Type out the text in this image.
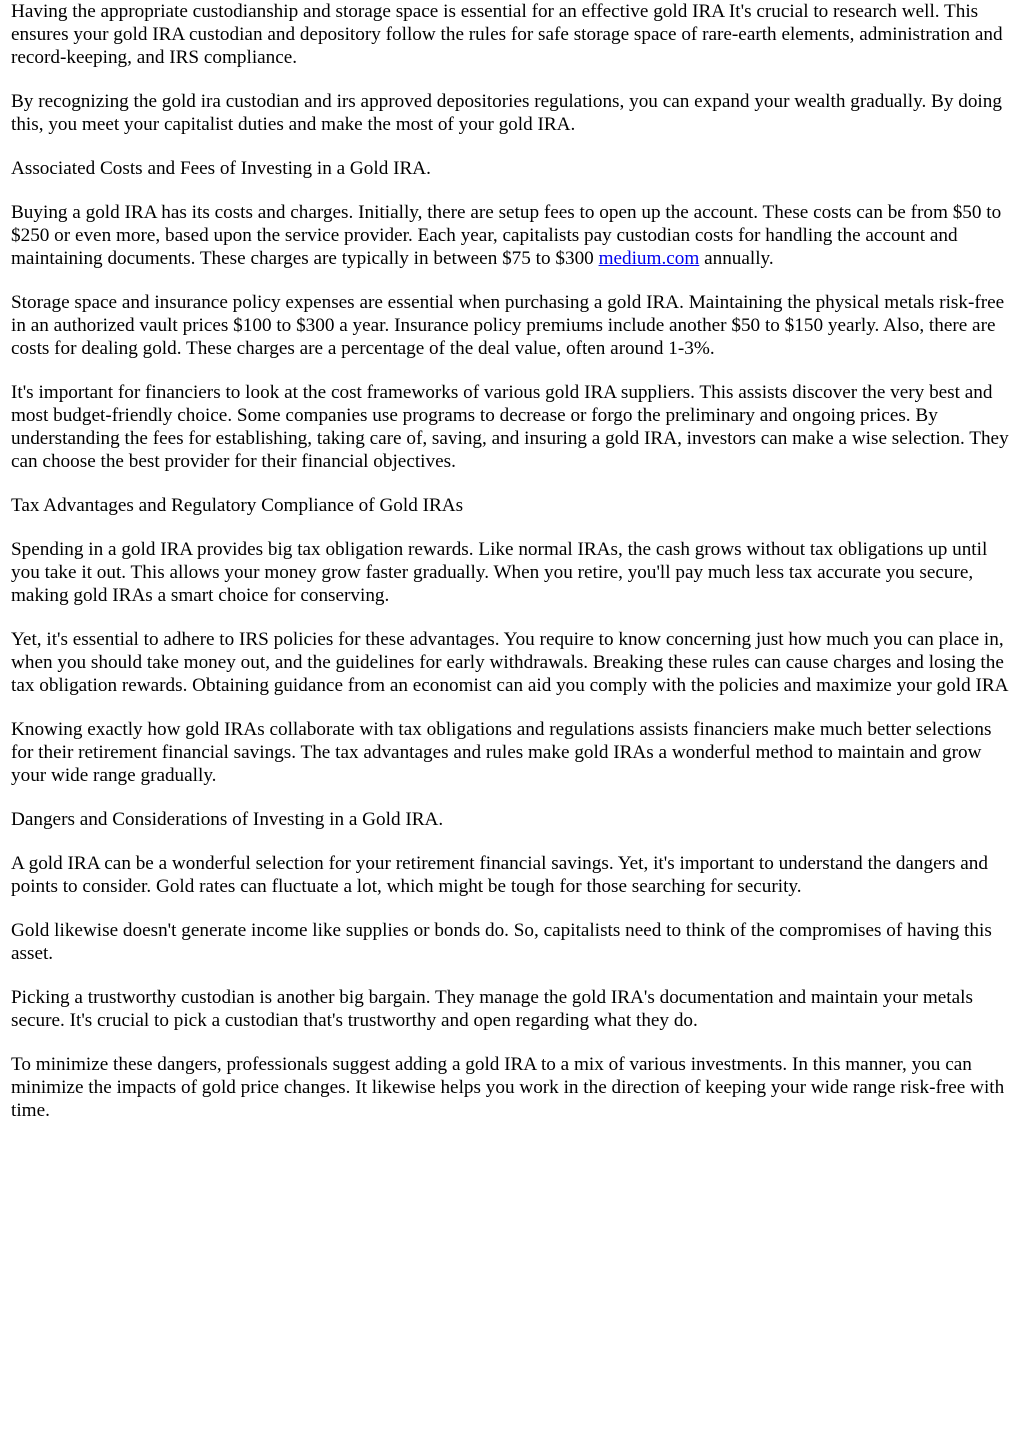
Having the appropriate custodianship and storage space is essential for an effective gold IRA It's crucial to research well. This ensures your gold IRA custodian and depository follow the rules for safe storage space of rare-earth elements, administration and record-keeping, and IRS compliance.

By recognizing the gold ira custodian and irs approved depositories regulations, you can expand your wealth gradually. By doing this, you meet your capitalist duties and make the most of your gold IRA.

Associated Costs and Fees of Investing in a Gold IRA.

Buying a gold IRA has its costs and charges. Initially, there are setup fees to open up the account. These costs can be from $50 to $250 or even more, based upon the service provider. Each year, capitalists pay custodian costs for handling the account and maintaining documents. These charges are typically in between $75 to $300 medium.com annually.

Storage space and insurance policy expenses are essential when purchasing a gold IRA. Maintaining the physical metals risk-free in an authorized vault prices $100 to $300 a year. Insurance policy premiums include another $50 to $150 yearly. Also, there are costs for dealing gold. These charges are a percentage of the deal value, often around 1-3%.

It's important for financiers to look at the cost frameworks of various gold IRA suppliers. This assists discover the very best and most budget-friendly choice. Some companies use programs to decrease or forgo the preliminary and ongoing prices. By understanding the fees for establishing, taking care of, saving, and insuring a gold IRA, investors can make a wise selection. They can choose the best provider for their financial objectives.

Tax Advantages and Regulatory Compliance of Gold IRAs

Spending in a gold IRA provides big tax obligation rewards. Like normal IRAs, the cash grows without tax obligations up until you take it out. This allows your money grow faster gradually. When you retire, you'll pay much less tax accurate you secure, making gold IRAs a smart choice for conserving.

Yet, it's essential to adhere to IRS policies for these advantages. You require to know concerning just how much you can place in, when you should take money out, and the guidelines for early withdrawals. Breaking these rules can cause charges and losing the tax obligation rewards. Obtaining guidance from an economist can aid you comply with the policies and maximize your gold IRA

Knowing exactly how gold IRAs collaborate with tax obligations and regulations assists financiers make much better selections for their retirement financial savings. The tax advantages and rules make gold IRAs a wonderful method to maintain and grow your wide range gradually.

Dangers and Considerations of Investing in a Gold IRA.

A gold IRA can be a wonderful selection for your retirement financial savings. Yet, it's important to understand the dangers and points to consider. Gold rates can fluctuate a lot, which might be tough for those searching for security.

Gold likewise doesn't generate income like supplies or bonds do. So, capitalists need to think of the compromises of having this asset.

Picking a trustworthy custodian is another big bargain. They manage the gold IRA's documentation and maintain your metals secure. It's crucial to pick a custodian that's trustworthy and open regarding what they do.

To minimize these dangers, professionals suggest adding a gold IRA to a mix of various investments. In this manner, you can minimize the impacts of gold price changes. It likewise helps you work in the direction of keeping your wide range risk-free with time.
